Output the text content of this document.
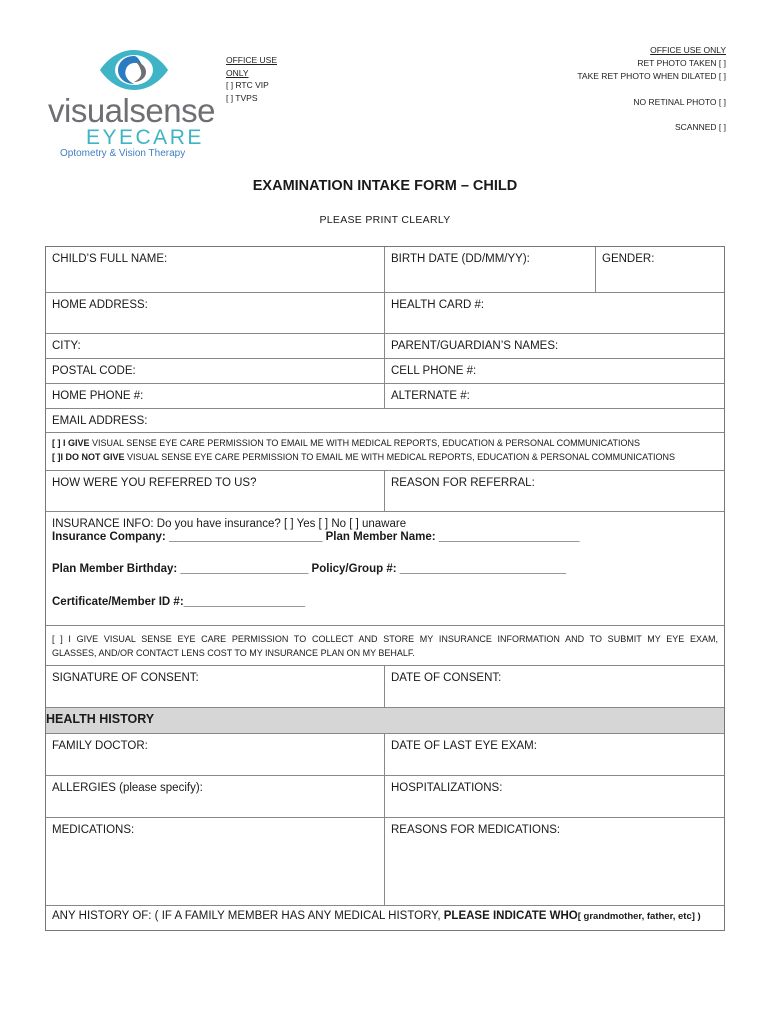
visualsense
EYECARE
Optometry & Vision Therapy
OFFICE USE
ONLY
[ ] RTC VIP
[ ] TVPS
OFFICE USE ONLY
RET PHOTO TAKEN [ ]
TAKE RET PHOTO WHEN DILATED [ ]
NO RETINAL PHOTO [ ]
SCANNED [ ]
EXAMINATION INTAKE FORM – CHILD
PLEASE PRINT CLEARLY
CHILD’S FULL NAME:	BIRTH DATE (DD/MM/YY):	GENDER:
HOME ADDRESS:	HEALTH CARD #:
CITY:	PARENT/GUARDIAN’S NAMES:
POSTAL CODE:	CELL PHONE #:
HOME PHONE #:	ALTERNATE #:
EMAIL ADDRESS:
[ ] I GIVE VISUAL SENSE EYE CARE PERMISSION TO EMAIL ME WITH MEDICAL REPORTS, EDUCATION & PERSONAL COMMUNICATIONS
[ ]I DO NOT GIVE VISUAL SENSE EYE CARE PERMISSION TO EMAIL ME WITH MEDICAL REPORTS, EDUCATION & PERSONAL COMMUNICATIONS
HOW WERE YOU REFERRED TO US?	REASON FOR REFERRAL:
INSURANCE INFO: Do you have insurance? [ ] Yes [ ] No [ ] unaware
Insurance Company: ________________________ Plan Member Name: ______________________
Plan Member Birthday: ____________________ Policy/Group #: __________________________
Certificate/Member ID #:___________________
[ ] I GIVE VISUAL SENSE EYE CARE PERMISSION TO COLLECT AND STORE MY INSURANCE INFORMATION AND TO SUBMIT MY EYE EXAM,
GLASSES, AND/OR CONTACT LENS COST TO MY INSURANCE PLAN ON MY BEHALF.
SIGNATURE OF CONSENT:	DATE OF CONSENT:
HEALTH HISTORY
FAMILY DOCTOR:	DATE OF LAST EYE EXAM:
ALLERGIES (please specify):	HOSPITALIZATIONS:
MEDICATIONS:	REASONS FOR MEDICATIONS:
ANY HISTORY OF: ( IF A FAMILY MEMBER HAS ANY MEDICAL HISTORY, PLEASE INDICATE WHO[ grandmother, father, etc] )
